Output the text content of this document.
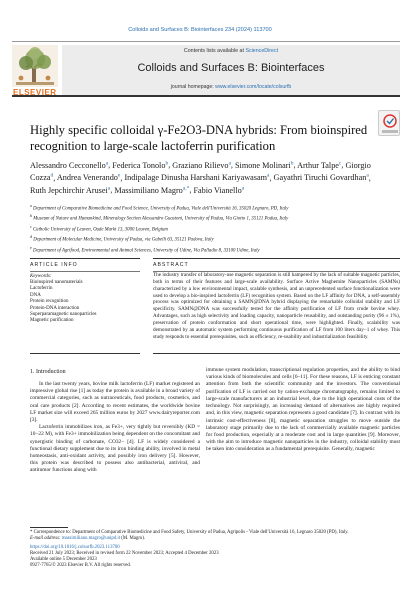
Colloids and Surfaces B: Biointerfaces 234 (2024) 113700
ELSEVIER
Contents lists available at ScienceDirect
Colloids and Surfaces B: Biointerfaces
journal homepage: www.elsevier.com/locate/colsurfb
Highly specific colloidal γ-Fe2O3-DNA hybrids: From bioinspired recognition to large-scale lactoferrin purification
Alessandro Cecconello$^a$, Federica Tonolo$^b$, Graziano Rilievo$^a$, Simone Molinari$^b$, Arthur Talpe$^c$, Giorgio Cozza$^d$, Andrea Venerando$^e$, Indipalage Dinusha Harshani Kariyawasam$^a$, Gayathri Tiruchi Govardhan$^a$, Ruth Jepchirchir Arusei$^a$, Massimiliano Magro$^{a,*}$, Fabio Vianello$^a$
$^a$ Department of Comparative Biomedicine and Food Science, University of Padua, Viale dell'Università 16, 35020 Legnaro, PD, Italy
$^b$ Museum of Nature and Humankind, Mineralogy Section Alessandro Guastoni, University of Padua, Via Giotto 1, 35121 Padua, Italy
$^c$ Catholic University of Leuven, Oude Markt 13, 3000 Leuven, Belgium
$^d$ Department of Molecular Medicine, University of Padua, via Gabelli 63, 35121 Padova, Italy
$^e$ Department of Agrifood, Environmental and Animal Sciences, University of Udine, Via Palladio 8, 33100 Udine, Italy
ARTICLE INFO
Keywords:
Bioinspired nanomaterials
Lactoferrin
DNA
Protein recognition
Protein-DNA interaction
Superparamagnetic nanoparticles
Magnetic purification
ABSTRACT
The industry transfer of laboratory-use magnetic separation is still hampered by the lack of suitable magnetic particles, both in terms of their features and large-scale availability. Surface Active Maghemite Nanoparticles (SAMNs) characterized by a low environmental impact, scalable synthesis, and an unprecedented surface functionalization were used to develop a bio-inspired lactoferrin (LF) recognition system. Based on the LF affinity for DNA, a self-assembly process was optimized for obtaining a SAMN@DNA hybrid displaying the remarkable colloidal stability and LF specificity. SAMN@DNA was successfully tested for the affinity purification of LF from crude bovine whey. Advantages, such as high selectivity and loading capacity, nanoparticle reusability, and outstanding purity (96 ± 1%), preservation of protein conformation and short operational time, were highlighted. Finally, scalability was demonstrated by an automatic system performing continuous purification of LF from 100 liters day−1 of whey. This study responds to essential prerequisites, such as efficiency, re-usability and industrialization feasibility.
1. Introduction

In the last twenty years, bovine milk lactoferrin (LF) market registered an impressive global rise [1] as today the protein is available in a broad variety of commercial categories, such as nutraceuticals, food products, cosmetics, and oral care products [2]. According to recent estimates, the worldwide bovine LF market size will exceed 265 million euros by 2027 www.dairyreporter.com [3].

Lactoferrin immobilizes iron, as Fe3+, very tightly but reversibly (KD = 10−22 M), with Fe3+ immobilization being dependent on the concomitant and synergistic binding of carbonate, CO32− [4]. LF is widely considered a functional dietary supplement due to its iron binding ability, involved in metal homeostasis, anti-oxidant activity, and possibly iron delivery [5]. However, this protein was described to possess also antibacterial, antiviral, and antitumor functions along with

immune system modulation, transcriptional regulation properties, and the ability to bind various kinds of biomolecules and cells [6–11]. For these reasons, LF is enticing constant attention from both the scientific community and the investors. The conventional purification of LF is carried out by cation-exchange chromatography, remains limited to large-scale manufacturers at an industrial level, due to the high operational costs of the technology. Not surprisingly, an increasing demand of alternatives are highly required and, in this view, magnetic separation represents a good candidate [7]. In contrast with its intrinsic cost-effectiveness [8], magnetic separation struggles to move outside the laboratory stage primarily due to the lack of commercially available magnetic particles for food production, especially at a moderate cost and in large quantities [9]. Moreover, with the aim to introduce magnetic nanoparticles in the industry, colloidal stability must be taken into consideration as a fundamental prerequisite. Generally, magnetic

* Correspondence to: Department of Comparative Biomedicine and Food Safety, University of Padua, Agripolis - Viale dell'Università 16, Legnaro 35020 (PD), Italy.
E-mail address: massimiliano.magro@unipd.it (M. Magro).
https://doi.org/10.1016/j.colsurfb.2023.113700
Received 21 July 2023; Received in revised form 22 November 2023; Accepted 4 December 2023
Available online 5 December 2023
0927-7765/© 2023 Elsevier B.V. All rights reserved.
